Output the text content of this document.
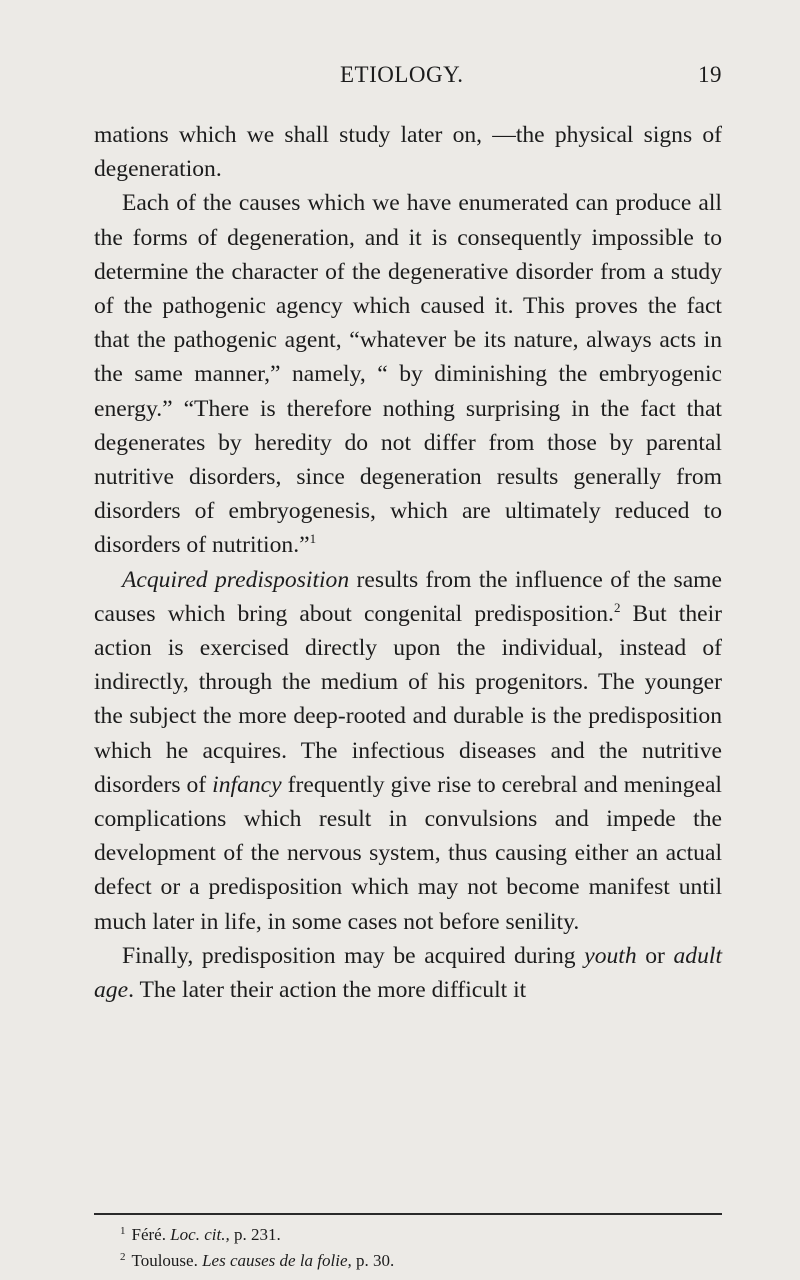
ETIOLOGY.	19

mations which we shall study later on, —the physical signs of degeneration.

Each of the causes which we have enumerated can produce all the forms of degeneration, and it is consequently impossible to determine the character of the degenerative disorder from a study of the pathogenic agency which caused it. This proves the fact that the pathogenic agent, “whatever be its nature, always acts in the same manner,” namely, “ by diminishing the embryogenic energy.” “There is therefore nothing surprising in the fact that degenerates by heredity do not differ from those by parental nutritive disorders, since degeneration results generally from disorders of embryogenesis, which are ultimately reduced to disorders of nutrition.”$^1$

Acquired predisposition results from the influence of the same causes which bring about congenital predisposition.$^2$ But their action is exercised directly upon the individual, instead of indirectly, through the medium of his progenitors. The younger the subject the more deep-rooted and durable is the predisposition which he acquires. The infectious diseases and the nutritive disorders of infancy frequently give rise to cerebral and meningeal complications which result in convulsions and impede the development of the nervous system, thus causing either an actual defect or a predisposition which may not become manifest until much later in life, in some cases not before senility.

Finally, predisposition may be acquired during youth or adult age. The later their action the more difficult it

$^1$ Féré. Loc. cit., p. 231.
$^2$ Toulouse. Les causes de la folie, p. 30.
